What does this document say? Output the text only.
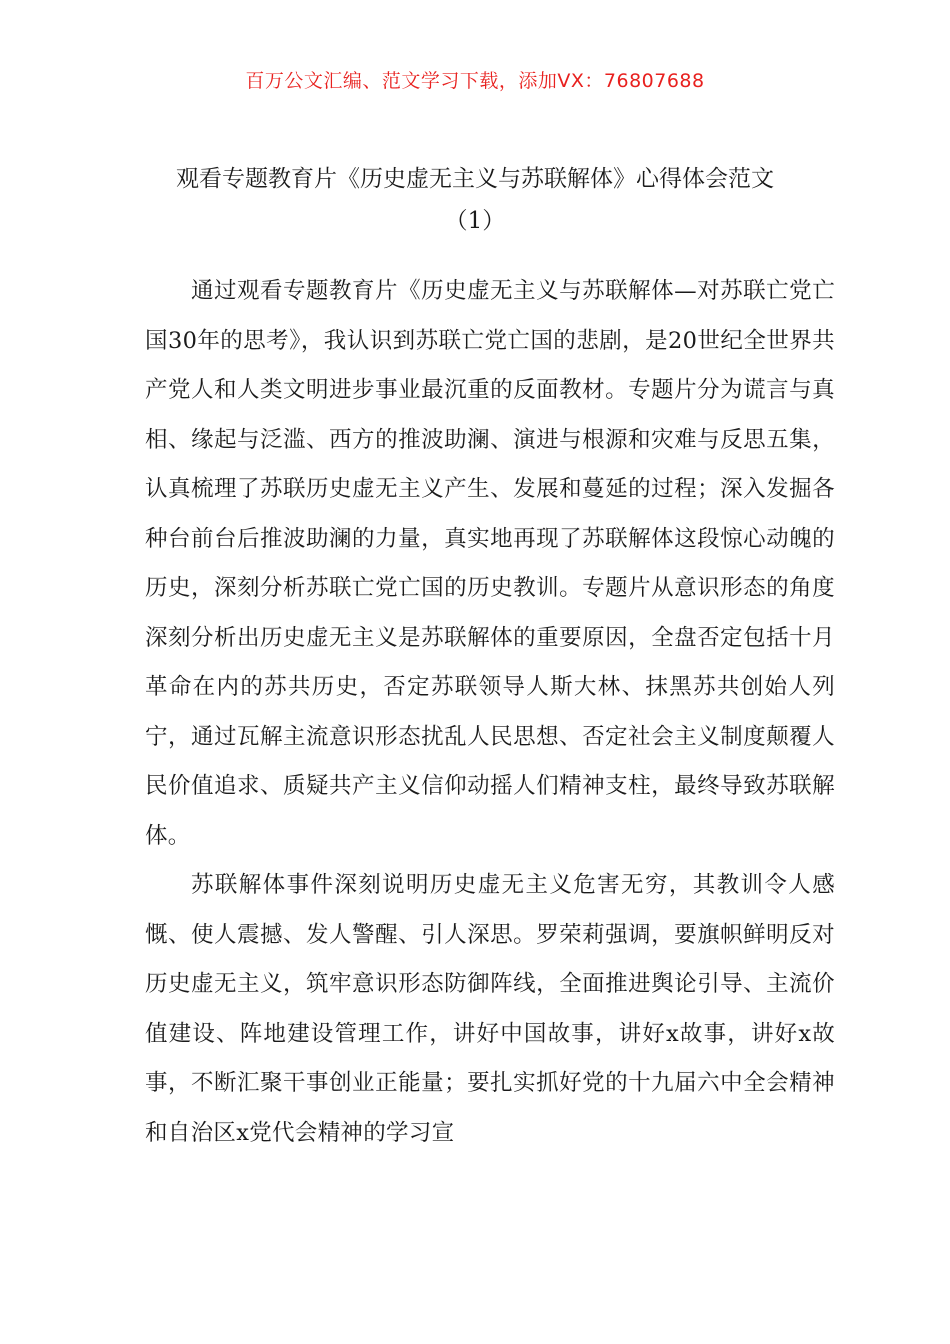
百万公文汇编、范文学习下载，添加VX：76807688
观看专题教育片《历史虚无主义与苏联解体》心得体会范文
（1）

通过观看专题教育片《历史虚无主义与苏联解体—对苏联亡党亡国30年的思考》，我认识到苏联亡党亡国的悲剧，是20世纪全世界共产党人和人类文明进步事业最沉重的反面教材。专题片分为谎言与真相、缘起与泛滥、西方的推波助澜、演进与根源和灾难与反思五集，认真梳理了苏联历史虚无主义产生、发展和蔓延的过程；深入发掘各种台前台后推波助澜的力量，真实地再现了苏联解体这段惊心动魄的历史，深刻分析苏联亡党亡国的历史教训。专题片从意识形态的角度深刻分析出历史虚无主义是苏联解体的重要原因，全盘否定包括十月革命在内的苏共历史，否定苏联领导人斯大林、抹黑苏共创始人列宁，通过瓦解主流意识形态扰乱人民思想、否定社会主义制度颠覆人民价值追求、质疑共产主义信仰动摇人们精神支柱，最终导致苏联解体。

苏联解体事件深刻说明历史虚无主义危害无穷，其教训令人感慨、使人震撼、发人警醒、引人深思。罗荣莉强调，要旗帜鲜明反对历史虚无主义，筑牢意识形态防御阵线，全面推进舆论引导、主流价值建设、阵地建设管理工作，讲好中国故事，讲好x故事，讲好x故事，不断汇聚干事创业正能量；要扎实抓好党的十九届六中全会精神和自治区x党代会精神的学习宣
